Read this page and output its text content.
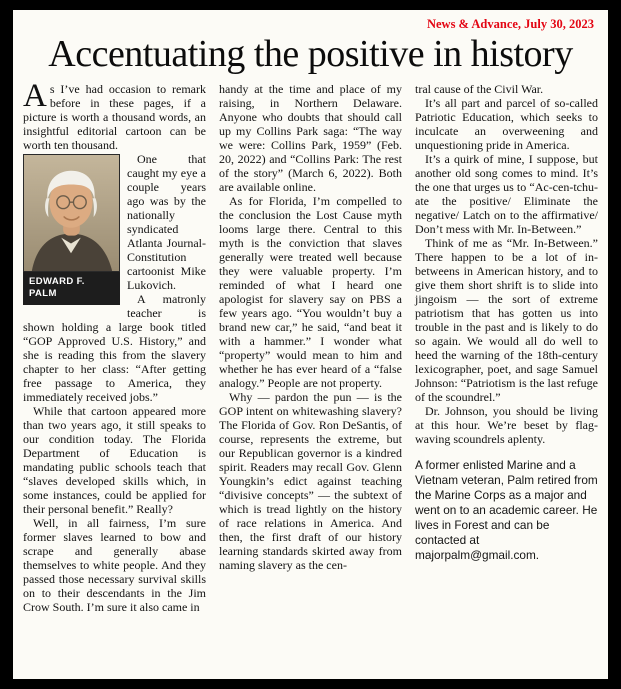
News & Advance, July 30, 2023
Accentuating the positive in history

As I’ve had occasion to remark before in these pages, if a picture is worth a thousand words, an insightful editorial cartoon can be worth ten thousand.

EDWARD F.
PALM

One that caught my eye a couple years ago was by the nationally syndicated Atlanta Journal-Constitution cartoonist Mike Lukovich.

A matronly teacher is shown holding a large book titled “GOP Approved U.S. History,” and she is reading this from the slavery chapter to her class: “After getting free passage to America, they immediately received jobs.”

While that cartoon appeared more than two years ago, it still speaks to our condition today. The Florida Department of Education is mandating public schools teach that “slaves developed skills which, in some instances, could be applied for their personal benefit.” Really?

Well, in all fairness, I’m sure former slaves learned to bow and scrape and generally abase themselves to white people. And they passed those necessary survival skills on to their descendants in the Jim Crow South. I’m sure it also came in

handy at the time and place of my raising, in Northern Delaware. Anyone who doubts that should call up my Collins Park saga: “The way we were: Collins Park, 1959” (Feb. 20, 2022) and “Collins Park: The rest of the story” (March 6, 2022). Both are available online.

As for Florida, I’m compelled to the conclusion the Lost Cause myth looms large there. Central to this myth is the conviction that slaves generally were treated well because they were valuable property. I’m reminded of what I heard one apologist for slavery say on PBS a few years ago. “You wouldn’t buy a brand new car,” he said, “and beat it with a hammer.” I wonder what “property” would mean to him and whether he has ever heard of a “false analogy.” People are not property.

Why — pardon the pun — is the GOP intent on whitewashing slavery? The Florida of Gov. Ron DeSantis, of course, represents the extreme, but our Republican governor is a kindred spirit. Readers may recall Gov. Glenn Youngkin’s edict against teaching “divisive concepts” — the subtext of which is tread lightly on the history of race relations in America. And then, the first draft of our history learning standards skirted away from naming slavery as the cen-

tral cause of the Civil War.

It’s all part and parcel of so-called Patriotic Education, which seeks to inculcate an overweening and unquestioning pride in America.

It’s a quirk of mine, I suppose, but another old song comes to mind. It’s the one that urges us to “Ac-cen-tchu-ate the positive/ Eliminate the negative/ Latch on to the affirmative/ Don’t mess with Mr. In-Between.”

Think of me as “Mr. In-Between.” There happen to be a lot of in-betweens in American history, and to give them short shrift is to slide into jingoism — the sort of extreme patriotism that has gotten us into trouble in the past and is likely to do so again. We would all do well to heed the warning of the 18th-century lexicographer, poet, and sage Samuel Johnson: “Patriotism is the last refuge of the scoundrel.”

Dr. Johnson, you should be living at this hour. We’re beset by flag-waving scoundrels aplenty.

A former enlisted Marine and a Vietnam veteran, Palm retired from the Marine Corps as a major and went on to an academic career. He lives in Forest and can be contacted at majorpalm@gmail.com.
